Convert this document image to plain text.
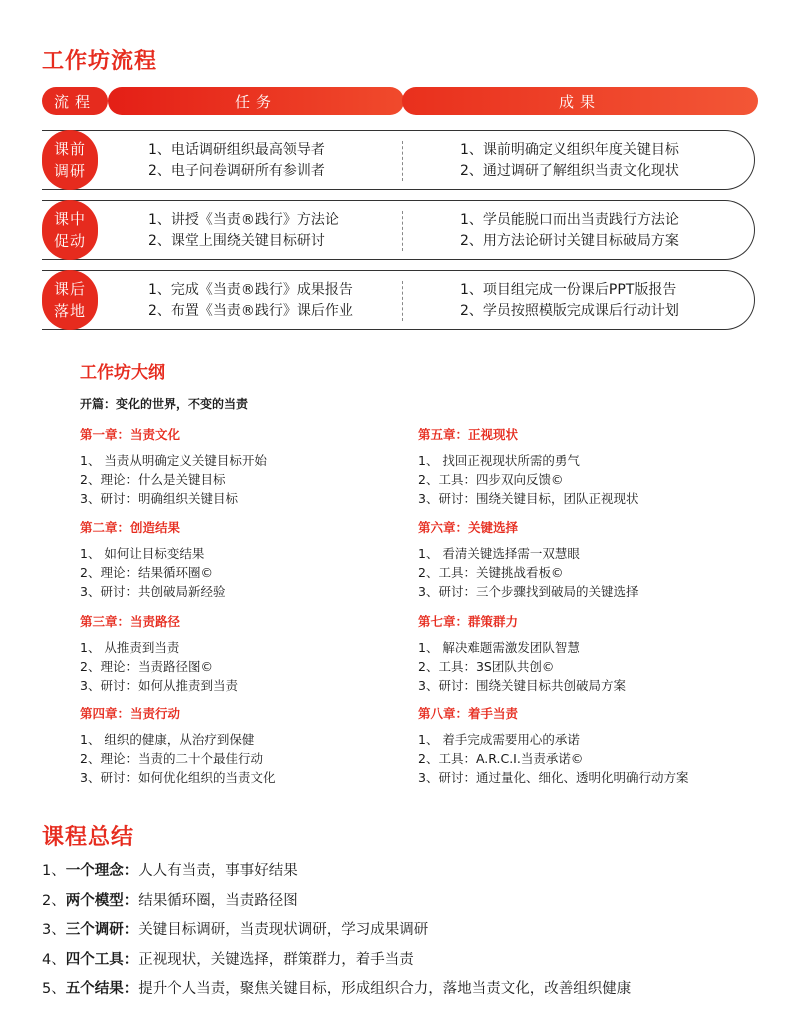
工作坊流程
流程	任务	成果
课前
调研
1、电话调研组织最高领导者
2、电子问卷调研所有参训者
1、课前明确定义组织年度关键目标
2、通过调研了解组织当责文化现状
课中
促动
1、讲授《当责®践行》方法论
2、课堂上围绕关键目标研讨
1、学员能脱口而出当责践行方法论
2、用方法论研讨关键目标破局方案
课后
落地
1、完成《当责®践行》成果报告
2、布置《当责®践行》课后作业
1、项目组完成一份课后PPT版报告
2、学员按照模版完成课后行动计划
工作坊大纲
开篇：变化的世界，不变的当责
第一章：当责文化
1、 当责从明确定义关键目标开始
2、理论：什么是关键目标
3、研讨：明确组织关键目标
第二章：创造结果
1、 如何让目标变结果
2、理论：结果循环圈©
3、研讨：共创破局新经验
第三章：当责路径
1、 从推责到当责
2、理论：当责路径图©
3、研讨：如何从推责到当责
第四章：当责行动
1、 组织的健康，从治疗到保健
2、理论：当责的二十个最佳行动
3、研讨：如何优化组织的当责文化
第五章：正视现状
1、 找回正视现状所需的勇气
2、工具：四步双向反馈©
3、研讨：围绕关键目标，团队正视现状
第六章：关键选择
1、 看清关键选择需一双慧眼
2、工具：关键挑战看板©
3、研讨：三个步骤找到破局的关键选择
第七章：群策群力
1、 解决难题需激发团队智慧
2、工具：3S团队共创©
3、研讨：围绕关键目标共创破局方案
第八章：着手当责
1、 着手完成需要用心的承诺
2、工具：A.R.C.I.当责承诺©
3、研讨：通过量化、细化、透明化明确行动方案
课程总结
1、一个理念：人人有当责，事事好结果
2、两个模型：结果循环圈，当责路径图
3、三个调研：关键目标调研，当责现状调研，学习成果调研
4、四个工具：正视现状，关键选择，群策群力，着手当责
5、五个结果：提升个人当责，聚焦关键目标，形成组织合力，落地当责文化，改善组织健康
